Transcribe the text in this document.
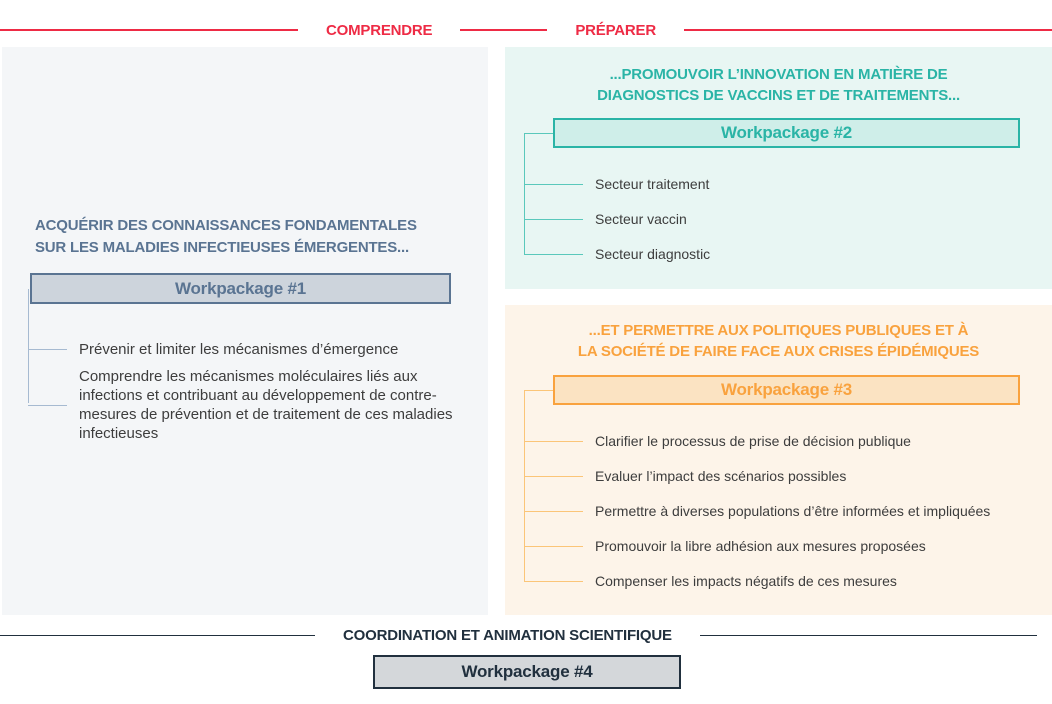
COMPRENDRE	PRÉPARER
ACQUÉRIR DES CONNAISSANCES FONDAMENTALES
SUR LES MALADIES INFECTIEUSES ÉMERGENTES...
Workpackage #1
Prévenir et limiter les mécanismes d’émergence
Comprendre les mécanismes moléculaires liés aux infections et contribuant au développement de contre-mesures de prévention et de traitement de ces maladies infectieuses
...PROMOUVOIR L’INNOVATION EN MATIÈRE DE
DIAGNOSTICS DE VACCINS ET DE TRAITEMENTS...
Workpackage #2
Secteur traitement
Secteur vaccin
Secteur diagnostic
...ET PERMETTRE AUX POLITIQUES PUBLIQUES ET À
LA SOCIÉTÉ DE FAIRE FACE AUX CRISES ÉPIDÉMIQUES
Workpackage #3
Clarifier le processus de prise de décision publique
Evaluer l’impact des scénarios possibles
Permettre à diverses populations d’être informées et impliquées
Promouvoir la libre adhésion aux mesures proposées
Compenser les impacts négatifs de ces mesures
COORDINATION ET ANIMATION SCIENTIFIQUE
Workpackage #4
